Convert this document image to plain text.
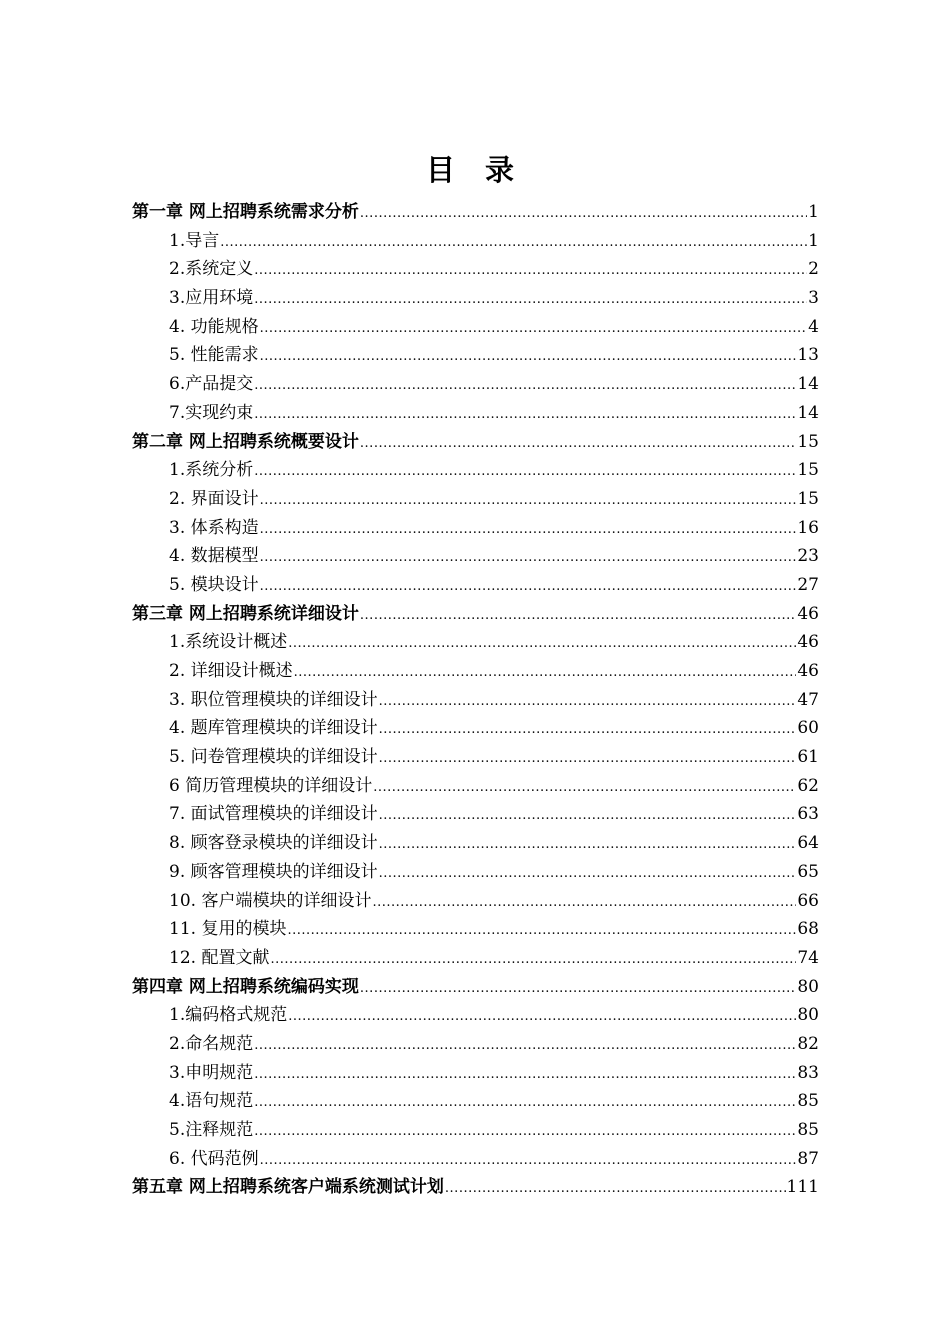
目 录
第一章 网上招聘系统需求分析 .....	1
1.导言 .....	1
2.系统定义 .....	2
3.应用环境 .....	3
4. 功能规格 .....	4
5. 性能需求 .....	13
6.产品提交 .....	14
7.实现约束 .....	14
第二章 网上招聘系统概要设计 .....	15
1.系统分析 .....	15
2. 界面设计 .....	15
3. 体系构造 .....	16
4. 数据模型 .....	23
5. 模块设计 .....	27
第三章 网上招聘系统详细设计 .....	46
1.系统设计概述 .....	46
2. 详细设计概述 .....	46
3. 职位管理模块的详细设计 .....	47
4. 题库管理模块的详细设计 .....	60
5. 问卷管理模块的详细设计 .....	61
6 简历管理模块的详细设计 .....	62
7. 面试管理模块的详细设计 .....	63
8. 顾客登录模块的详细设计 .....	64
9. 顾客管理模块的详细设计 .....	65
10. 客户端模块的详细设计 .....	66
11. 复用的模块 .....	68
12. 配置文献 .....	74
第四章 网上招聘系统编码实现 .....	80
1.编码格式规范 .....	80
2.命名规范 .....	82
3.申明规范 .....	83
4.语句规范 .....	85
5.注释规范 .....	85
6. 代码范例 .....	87
第五章 网上招聘系统客户端系统测试计划 .....	111
